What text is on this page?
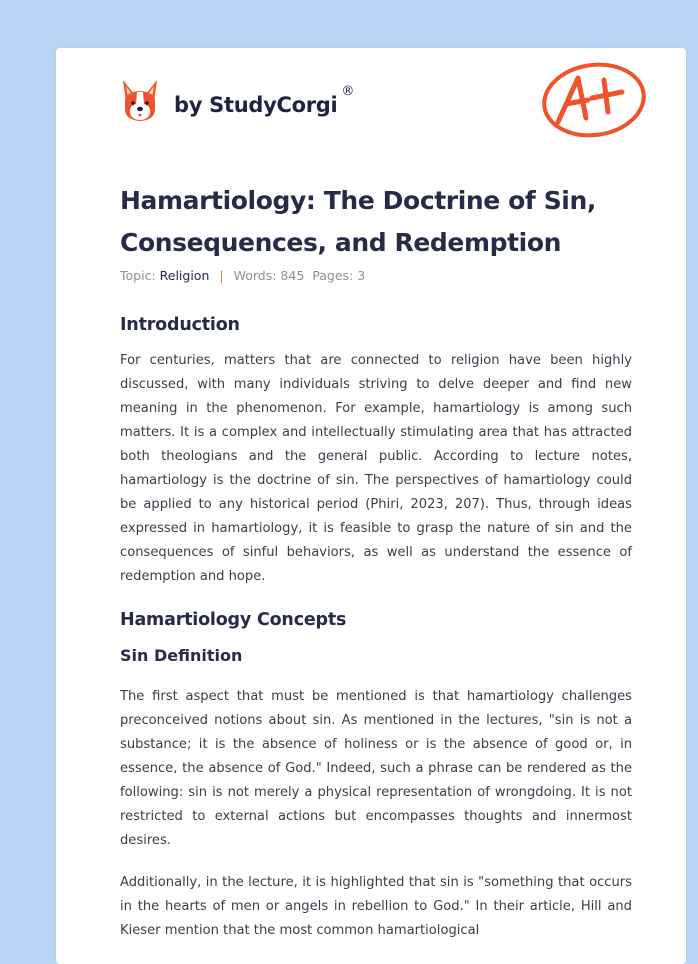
by StudyCorgi
®
Hamartiology: The Doctrine of Sin, Consequences, and Redemption
Topic: Religion | Words: 845 Pages: 3
Introduction

For centuries, matters that are connected to religion have been highly discussed, with many individuals striving to delve deeper and find new meaning in the phenomenon. For example, hamartiology is among such matters. It is a complex and intellectually stimulating area that has attracted both theologians and the general public. According to lecture notes, hamartiology is the doctrine of sin. The perspectives of hamartiology could be applied to any historical period (Phiri, 2023, 207). Thus, through ideas expressed in hamartiology, it is feasible to grasp the nature of sin and the consequences of sinful behaviors, as well as understand the essence of redemption and hope.

Hamartiology Concepts
Sin Definition

The first aspect that must be mentioned is that hamartiology challenges preconceived notions about sin. As mentioned in the lectures, "sin is not a substance; it is the absence of holiness or is the absence of good or, in essence, the absence of God." Indeed, such a phrase can be rendered as the following: sin is not merely a physical representation of wrongdoing. It is not restricted to external actions but encompasses thoughts and innermost desires.

Additionally, in the lecture, it is highlighted that sin is "something that occurs in the hearts of men or angels in rebellion to God." In their article, Hill and Kieser mention that the most common hamartiological
